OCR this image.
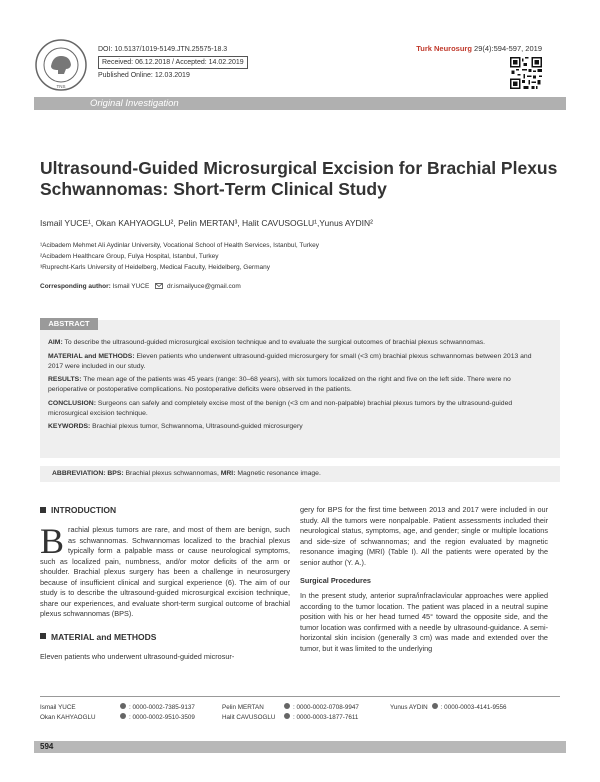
TNS
DOI: 10.5137/1019-5149.JTN.25575-18.3
Received: 06.12.2018 / Accepted: 14.02.2019
Published Online: 12.03.2019
Turk Neurosurg 29(4):594-597, 2019
Original Investigation
Ultrasound-Guided Microsurgical Excision for Brachial Plexus Schwannomas: Short-Term Clinical Study
Ismail YUCE¹, Okan KAHYAOGLU², Pelin MERTAN³, Halit CAVUSOGLU¹,Yunus AYDIN²
¹Acibadem Mehmet Ali Aydinlar University, Vocational School of Health Services, Istanbul, Turkey
²Acibadem Healthcare Group, Fulya Hospital, Istanbul, Turkey
³Ruprecht-Karls University of Heidelberg, Medical Faculty, Heidelberg, Germany
Corresponding author: Ismail YUCE	dr.ismailyuce@gmail.com
ABSTRACT

AIM: To describe the ultrasound-guided microsurgical excision technique and to evaluate the surgical outcomes of brachial plexus schwannomas.

MATERIAL and METHODS: Eleven patients who underwent ultrasound-guided microsurgery for small (<3 cm) brachial plexus schwannomas between 2013 and 2017 were included in our study.

RESULTS: The mean age of the patients was 45 years (range: 30–68 years), with six tumors localized on the right and five on the left side. There were no perioperative or postoperative complications. No postoperative deficits were observed in the patients.

CONCLUSION: Surgeons can safely and completely excise most of the benign (<3 cm and non-palpable) brachial plexus tumors by the ultrasound-guided microsurgical excision technique.

KEYWORDS: Brachial plexus tumor, Schwannoma, Ultrasound-guided microsurgery

ABBREVIATION: BPS: Brachial plexus schwannomas, MRI: Magnetic resonance image.
INTRODUCTION
Brachial plexus tumors are rare, and most of them are benign, such as schwannomas. Schwannomas localized to the brachial plexus typically form a palpable mass or cause neurological symptoms, such as localized pain, numbness, and/or motor deficits of the arm or shoulder. Brachial plexus surgery has been a challenge in neurosurgery because of insufficient clinical and surgical experience (6). The aim of our study is to describe the ultrasound-guided microsurgical excision technique, share our experiences, and evaluate short-term surgical outcome of brachial plexus schwannomas (BPS).
MATERIAL and METHODS
Eleven patients who underwent ultrasound-guided microsur-
gery for BPS for the first time between 2013 and 2017 were included in our study. All the tumors were nonpalpable. Patient assessments included their neurological status, symptoms, age, and gender; single or multiple locations and side-size of schwannomas; and the region evaluated by magnetic resonance imaging (MRI) (Table I). All the patients were operated by the senior author (Y. A.).
Surgical Procedures
In the present study, anterior supra/infraclavicular approaches were applied according to the tumor location. The patient was placed in a neutral supine position with his or her head turned 45° toward the opposite side, and the tumor location was confirmed with a needle by ultrasound-guidance. A semi-horizontal skin incision (generally 3 cm) was made and extended over the tumor, but it was limited to the underlying
Ismail YUCE	: 0000-0002-7385-9137
Okan KAHYAOGLU	: 0000-0002-9510-3509
Pelin MERTAN	: 0000-0002-0708-9947
Halit CAVUSOGLU	: 0000-0003-1877-7611
Yunus AYDIN : 0000-0003-4141-9556
594
